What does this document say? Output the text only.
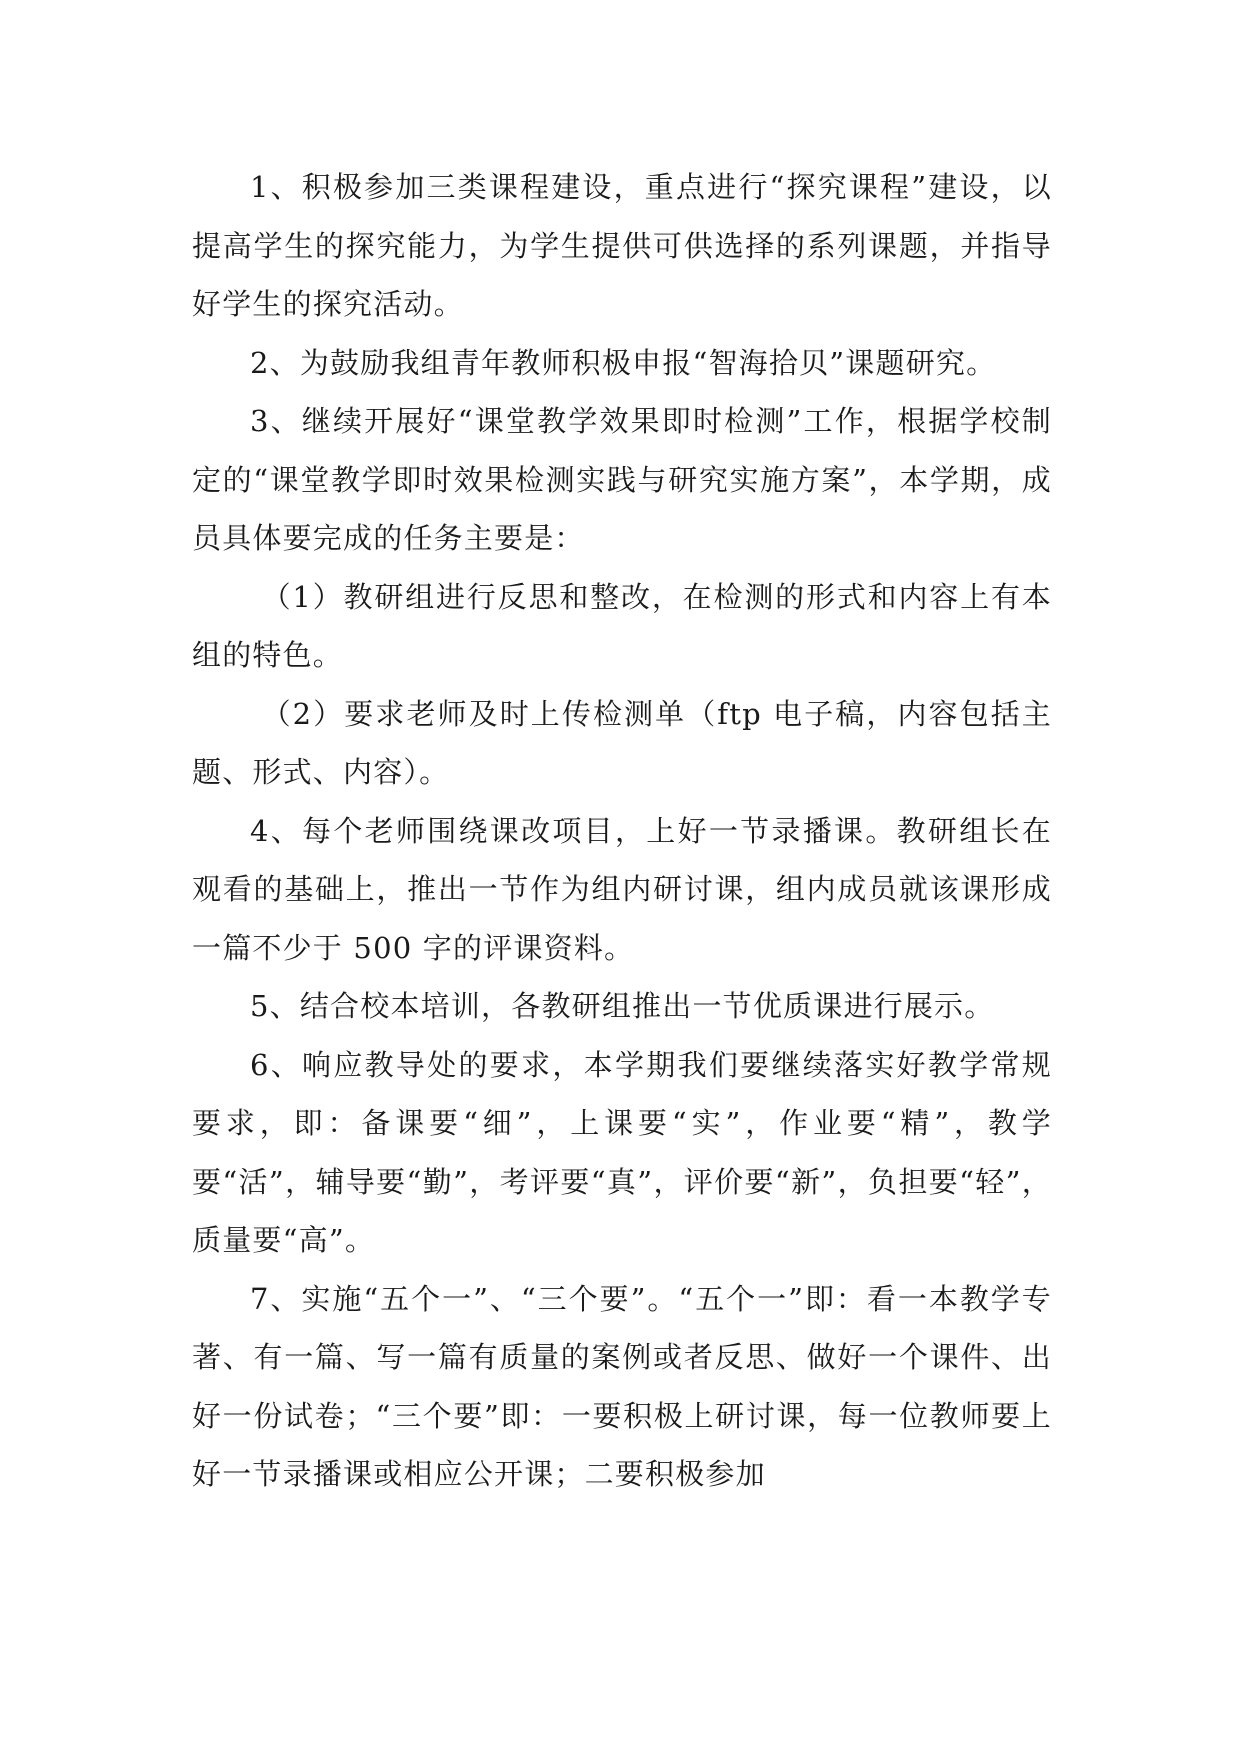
1、积极参加三类课程建设，重点进行“探究课程”建设，以提高学生的探究能力，为学生提供可供选择的系列课题，并指导好学生的探究活动。

2、为鼓励我组青年教师积极申报“智海拾贝”课题研究。

3、继续开展好“课堂教学效果即时检测”工作，根据学校制定的“课堂教学即时效果检测实践与研究实施方案”，本学期，成员具体要完成的任务主要是：

（1）教研组进行反思和整改，在检测的形式和内容上有本组的特色。

（2）要求老师及时上传检测单（ftp 电子稿，内容包括主题、形式、内容）。

4、每个老师围绕课改项目，上好一节录播课。教研组长在观看的基础上，推出一节作为组内研讨课，组内成员就该课形成一篇不少于 500 字的评课资料。

5、结合校本培训，各教研组推出一节优质课进行展示。

6、响应教导处的要求，本学期我们要继续落实好教学常规要求，即：备课要“细”，上课要“实”，作业要“精”，教学要“活”，辅导要“勤”，考评要“真”，评价要“新”，负担要“轻”，质量要“高”。

7、实施“五个一”、“三个要”。“五个一”即：看一本教学专著、有一篇、写一篇有质量的案例或者反思、做好一个课件、出好一份试卷；“三个要”即：一要积极上研讨课，每一位教师要上好一节录播课或相应公开课；二要积极参加
